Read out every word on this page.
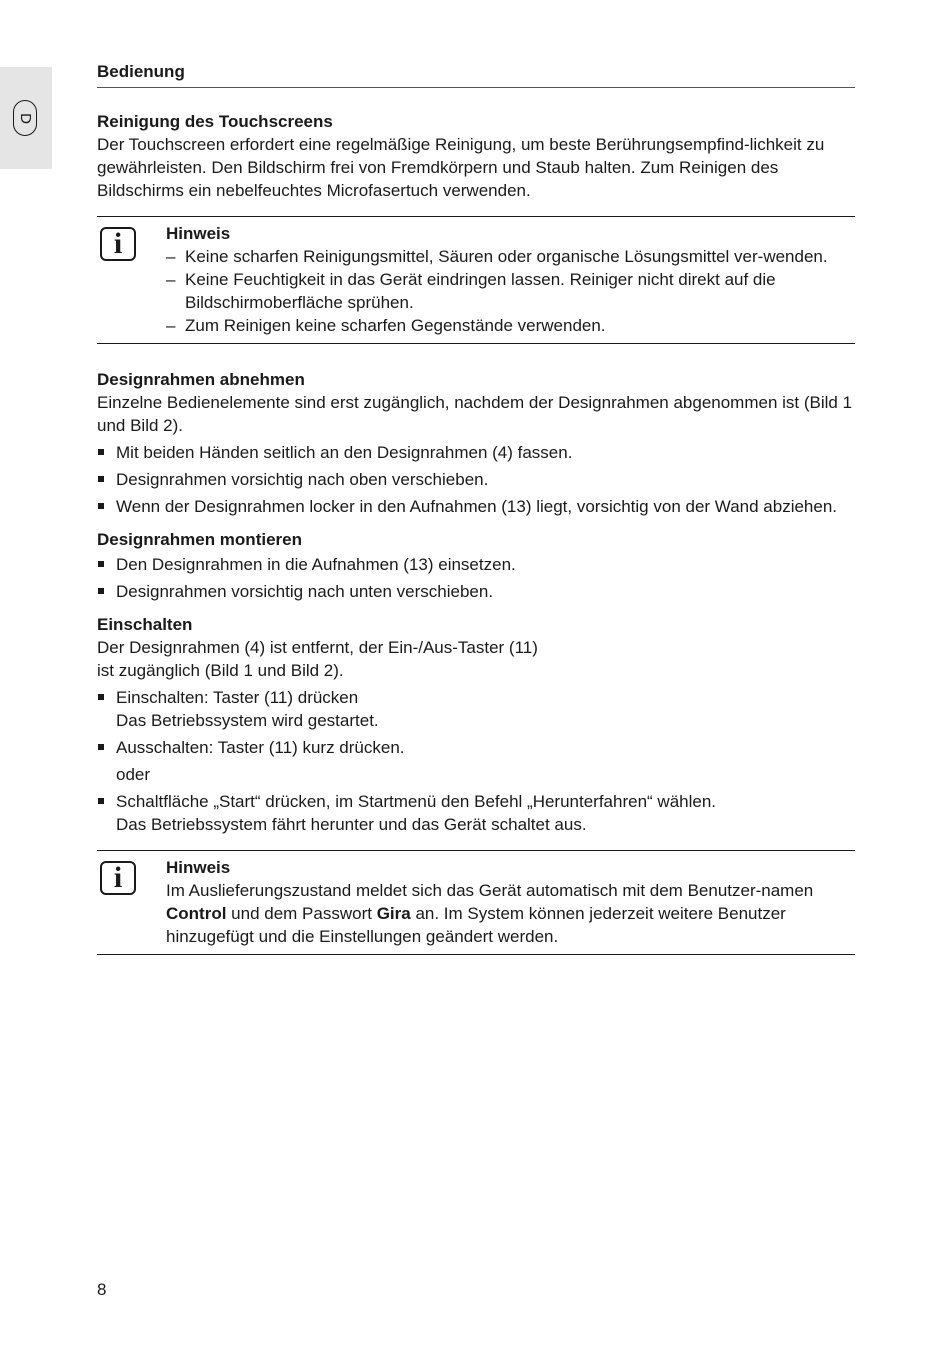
D
Bedienung
Reinigung des Touchscreens

Der Touchscreen erfordert eine regelmäßige Reinigung, um beste Berührungsempfind-lichkeit zu gewährleisten. Den Bildschirm frei von Fremdkörpern und Staub halten. Zum Reinigen des Bildschirms ein nebelfeuchtes Microfasertuch verwenden.

i	Hinweis
– Keine scharfen Reinigungsmittel, Säuren oder organische Lösungsmittel ver-wenden.
– Keine Feuchtigkeit in das Gerät eindringen lassen. Reiniger nicht direkt auf die Bildschirmoberfläche sprühen.
– Zum Reinigen keine scharfen Gegenstände verwenden.
Designrahmen abnehmen

Einzelne Bedienelemente sind erst zugänglich, nachdem der Designrahmen abgenommen ist (Bild 1 und Bild 2).

Mit beiden Händen seitlich an den Designrahmen (4) fassen.
Designrahmen vorsichtig nach oben verschieben.
Wenn der Designrahmen locker in den Aufnahmen (13) liegt, vorsichtig von der Wand abziehen.
Designrahmen montieren
Den Designrahmen in die Aufnahmen (13) einsetzen.
Designrahmen vorsichtig nach unten verschieben.
Einschalten

Der Designrahmen (4) ist entfernt, der Ein-/Aus-Taster (11)

ist zugänglich (Bild 1 und Bild 2).

Einschalten: Taster (11) drücken
Das Betriebssystem wird gestartet.
Ausschalten: Taster (11) kurz drücken.
oder
Schaltfläche „Start“ drücken, im Startmenü den Befehl „Herunterfahren“ wählen.
Das Betriebssystem fährt herunter und das Gerät schaltet aus.
i	Hinweis

Im Auslieferungszustand meldet sich das Gerät automatisch mit dem Benutzer-namen Control und dem Passwort Gira an. Im System können jederzeit weitere Benutzer hinzugefügt und die Einstellungen geändert werden.

8
